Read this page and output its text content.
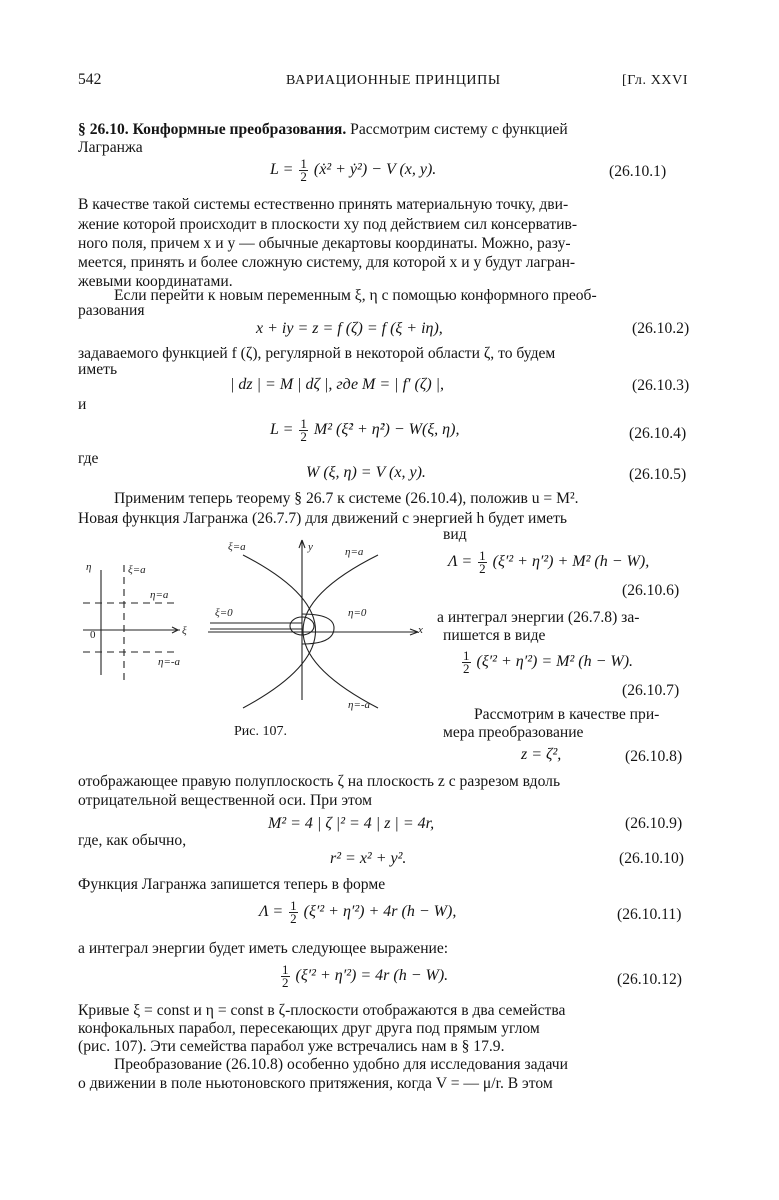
542	ВАРИАЦИОННЫЕ ПРИНЦИПЫ	[Гл. XXVI
§ 26.10. Конформные преобразования. Рассмотрим систему с функцией
Лагранжа
$L = \frac{1}{2}$ (ẋ² + ẏ²) − V (x, y).	(26.10.1)
В качестве такой системы естественно принять материальную точку, дви-
жение которой происходит в плоскости xy под действием сил консерватив-
ного поля, причем x и y — обычные декартовы координаты. Можно, разу-
меется, принять и более сложную систему, для которой x и y будут лагран-
жевыми координатами.
Если перейти к новым переменным ξ, η с помощью конформного преоб-
разования
x + iy = z = f (ζ) = f (ξ + iη),	(26.10.2)
задаваемого функцией f (ζ), регулярной в некоторой области ζ, то будем
иметь
| dz | = M | dζ |, где M = | f′ (ζ) |,	(26.10.3)
и
$L = \frac{1}{2} M^2$ (ξ̇² + η̇²) − W(ξ, η),	(26.10.4)
где
W (ξ, η) = V (x, y).	(26.10.5)
Применим теперь теорему § 26.7 к системе (26.10.4), положив u = M².
Новая функция Лагранжа (26.7.7) для движений с энергией h будет иметь
η	ξ=a
η=a
0	ξ
η=-a
ξ=a	y	η=a
ξ=0	η=0
x
η=-a
Рис. 107.
вид
$\Lambda = \frac{1}{2} (\xi'^2 + \eta'^2) + M^2$ (h − W),
(26.10.6)
а интеграл энергии (26.7.8) за-
пишется в виде
$\frac{1}{2} (\xi'^2 + \eta'^2) = M^2$ (h − W).
(26.10.7)
Рассмотрим в качестве при-
мера преобразование
z = ζ²,	(26.10.8)
отображающее правую полуплоскость ζ на плоскость z с разрезом вдоль
отрицательной вещественной оси. При этом
M² = 4 | ζ |² = 4 | z | = 4r,	(26.10.9)
где, как обычно,
r² = x² + y².	(26.10.10)
Функция Лагранжа запишется теперь в форме
$\Lambda = \frac{1}{2} (\xi'^2 + \eta'^2) + 4r$ (h − W),	(26.10.11)
а интеграл энергии будет иметь следующее выражение:
$\frac{1}{2} (\xi'^2 + \eta'^2) = 4r$ (h − W).	(26.10.12)
Кривые ξ = const и η = const в ζ-плоскости отображаются в два семейства
конфокальных парабол, пересекающих друг друга под прямым углом
(рис. 107). Эти семейства парабол уже встречались нам в § 17.9.
Преобразование (26.10.8) особенно удобно для исследования задачи
о движении в поле ньютоновского притяжения, когда V = — μ/r. В этом
